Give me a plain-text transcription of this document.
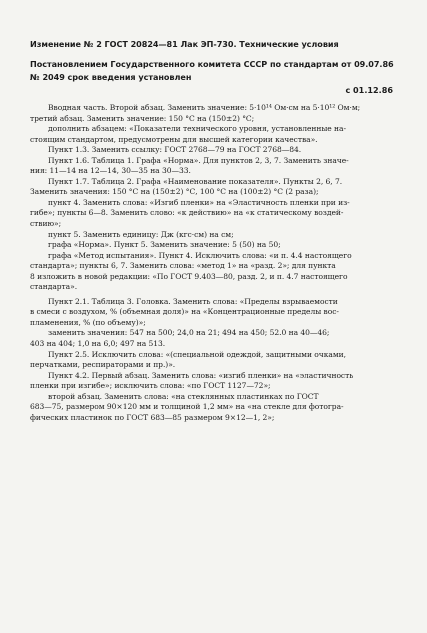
Изменение № 2 ГОСТ 20824—81 Лак ЭП-730. Технические условия
Постановлением Государственного комитета СССР по стандартам от 09.07.86
№ 2049 срок введения установлен
с 01.12.86
Вводная часть. Второй абзац. Заменить значение: 5·10¹⁴ Ом·см на 5·10¹² Ом·м;
третий абзац. Заменить значение: 150 °С на (150±2) °С;
дополнить абзацем: «Показатели технического уровня, установленные на-
стоящим стандартом, предусмотрены для высшей категории качества».
Пункт 1.3. Заменить ссылку: ГОСТ 2768—79 на ГОСТ 2768—84.
Пункт 1.6. Таблица 1. Графа «Норма». Для пунктов 2, 3, 7. Заменить значе-
ния: 11—14 на 12—14, 30—35 на 30—33.
Пункт 1.7. Таблица 2. Графа «Наименование показателя». Пункты 2, 6, 7.
Заменить значения: 150 °С на (150±2) °С, 100 °С на (100±2) °С (2 раза);
пункт 4. Заменить слова: «Изгиб пленки» на «Эластичность пленки при из-
гибе»; пункты 6—8. Заменить слово: «к действию» на «к статическому воздей-
ствию»;
пункт 5. Заменить единицу: Дж (кгс·см) на см;
графа «Норма». Пункт 5. Заменить значение: 5 (50) на 50;
графа «Метод испытания». Пункт 4. Исключить слова: «и п. 4.4 настоящего
стандарта»; пункты 6, 7. Заменить слова: «метод 1» на «разд. 2»; для пункта
8 изложить в новой редакции: «По ГОСТ 9.403—80, разд. 2, и п. 4.7 настоящего
стандарта».
Пункт 2.1. Таблица 3. Головка. Заменить слова: «Пределы взрываемости
в смеси с воздухом, % (объемная доля)» на «Концентрационные пределы вос-
пламенения, % (по объему)»;
заменить значения: 547 на 500; 24,0 на 21; 494 на 450; 52.0 на 40—46;
403 на 404; 1,0 на 6,0; 497 на 513.
Пункт 2.5. Исключить слова: «(специальной одеждой, защитными очками,
перчатками, респираторами и пр.)».
Пункт 4.2. Первый абзац. Заменить слова: «изгиб пленки» на «эластичность
пленки при изгибе»; исключить слова: «по ГОСТ 1127—72»;
второй абзац. Заменить слова: «на стеклянных пластинках по ГОСТ
683—75, размером 90×120 мм и толщиной 1,2 мм» на «на стекле для фотогра-
фических пластинок по ГОСТ 683—85 размером 9×12—1, 2»;
